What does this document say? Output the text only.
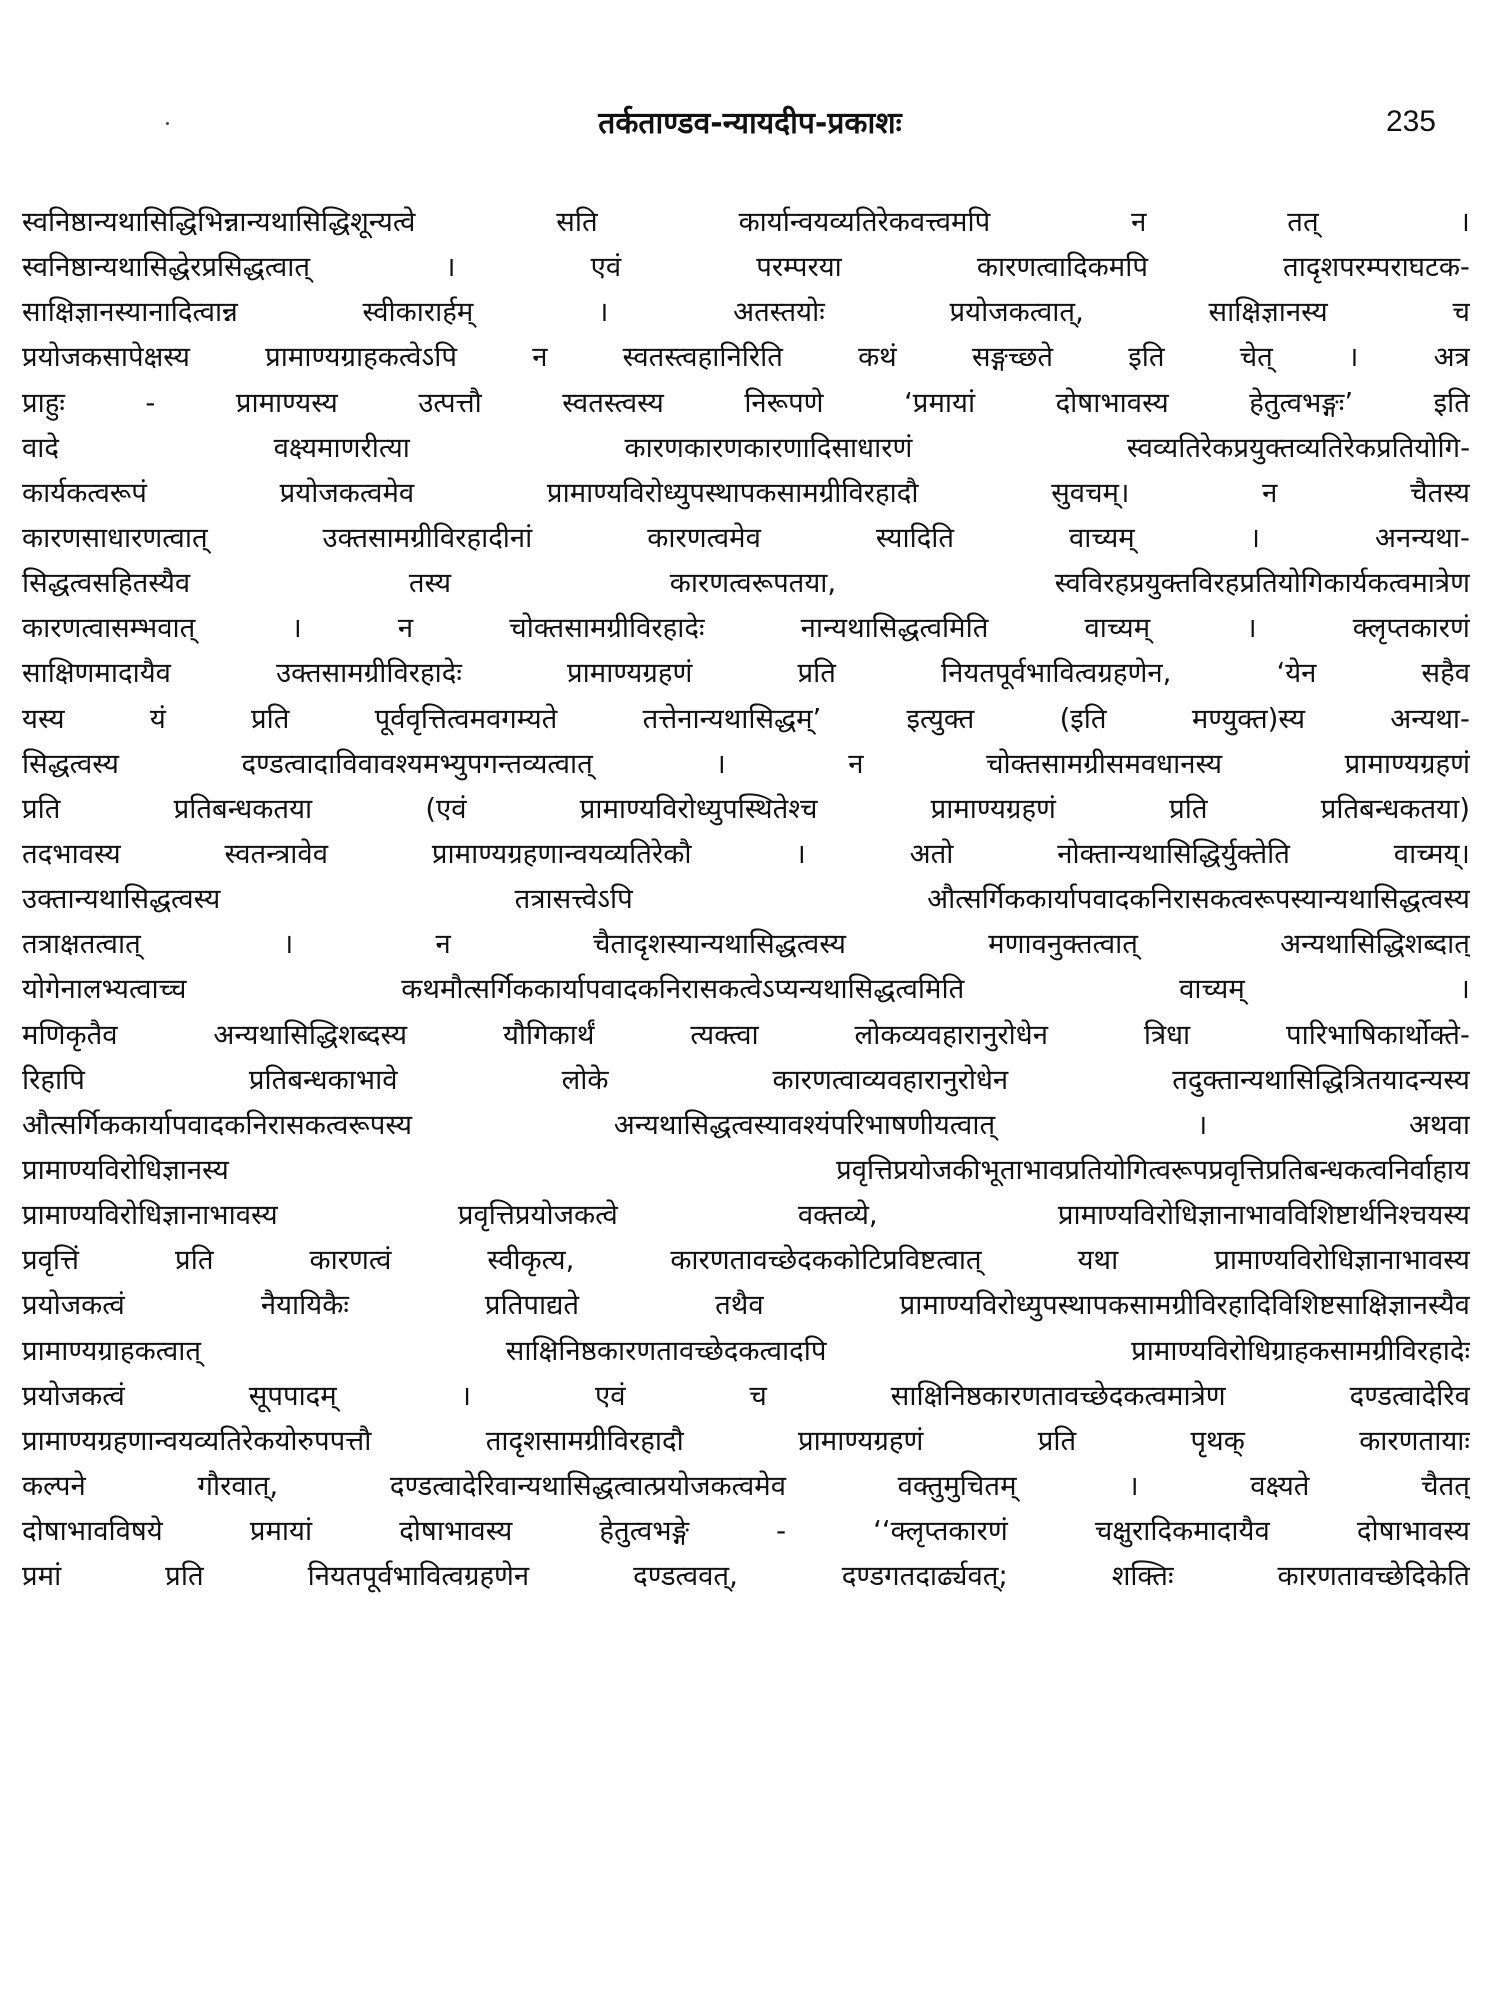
तर्कताण्डव-न्यायदीप-प्रकाशः	235
स्वनिष्ठान्यथासिद्धिभिन्नान्यथासिद्धिशून्यत्वे	सति	कार्यान्वयव्यतिरेकवत्त्वमपि	न	तत्	।
स्वनिष्ठान्यथासिद्धेरप्रसिद्धत्वात्	।	एवं	परम्परया	कारणत्वादिकमपि	तादृशपरम्पराघटक-
साक्षिज्ञानस्यानादित्वान्न	स्वीकारार्हम्	।	अतस्तयोः	प्रयोजकत्वात्,	साक्षिज्ञानस्य	च
प्रयोजकसापेक्षस्य	प्रामाण्यग्राहकत्वेऽपि	न	स्वतस्त्वहानिरिति	कथं	सङ्गच्छते	इति	चेत्	।	अत्र
प्राहुः	-	प्रामाण्यस्य	उत्पत्तौ	स्वतस्त्वस्य	निरूपणे	‘प्रमायां	दोषाभावस्य	हेतुत्वभङ्गः’	इति
वादे	वक्ष्यमाणरीत्या	कारणकारणकारणादिसाधारणं	स्वव्यतिरेकप्रयुक्तव्यतिरेकप्रतियोगि-
कार्यकत्वरूपं	प्रयोजकत्वमेव	प्रामाण्यविरोध्युपस्थापकसामग्रीविरहादौ	सुवचम्।	न	चैतस्य
कारणसाधारणत्वात्	उक्तसामग्रीविरहादीनां	कारणत्वमेव	स्यादिति	वाच्यम्	।	अनन्यथा-
सिद्धत्वसहितस्यैव	तस्य	कारणत्वरूपतया,	स्वविरहप्रयुक्तविरहप्रतियोगिकार्यकत्वमात्रेण
कारणत्वासम्भवात्	।	न	चोक्तसामग्रीविरहादेः	नान्यथासिद्धत्वमिति	वाच्यम्	।	क्लृप्तकारणं
साक्षिणमादायैव	उक्तसामग्रीविरहादेः	प्रामाण्यग्रहणं	प्रति	नियतपूर्वभावित्वग्रहणेन,	‘येन	सहैव
यस्य	यं	प्रति	पूर्ववृत्तित्वमवगम्यते	तत्तेनान्यथासिद्धम्’	इत्युक्त	(इति	मण्युक्त)स्य	अन्यथा-
सिद्धत्वस्य	दण्डत्वादाविवावश्यमभ्युपगन्तव्यत्वात्	।	न	चोक्तसामग्रीसमवधानस्य	प्रामाण्यग्रहणं
प्रति	प्रतिबन्धकतया	(एवं	प्रामाण्यविरोध्युपस्थितेश्च	प्रामाण्यग्रहणं	प्रति	प्रतिबन्धकतया)
तदभावस्य	स्वतन्त्रावेव	प्रामाण्यग्रहणान्वयव्यतिरेकौ	।	अतो	नोक्तान्यथासिद्धिर्युक्तेति	वाच्मय्।
उक्तान्यथासिद्धत्वस्य	तत्रासत्त्वेऽपि	औत्सर्गिककार्यापवादकनिरासकत्वरूपस्यान्यथासिद्धत्वस्य
तत्राक्षतत्वात्	।	न	चैतादृशस्यान्यथासिद्धत्वस्य	मणावनुक्तत्वात्	अन्यथासिद्धिशब्दात्
योगेनालभ्यत्वाच्च	कथमौत्सर्गिककार्यापवादकनिरासकत्वेऽप्यन्यथासिद्धत्वमिति	वाच्यम्	।
मणिकृतैव	अन्यथासिद्धिशब्दस्य	यौगिकार्थं	त्यक्त्वा	लोकव्यवहारानुरोधेन	त्रिधा	पारिभाषिकार्थोक्ते-
रिहापि	प्रतिबन्धकाभावे	लोके	कारणत्वाव्यवहारानुरोधेन	तदुक्तान्यथासिद्धित्रितयादन्यस्य
औत्सर्गिककार्यापवादकनिरासकत्वरूपस्य	अन्यथासिद्धत्वस्यावश्यंपरिभाषणीयत्वात्	।	अथवा
प्रामाण्यविरोधिज्ञानस्य	प्रवृत्तिप्रयोजकीभूताभावप्रतियोगित्वरूपप्रवृत्तिप्रतिबन्धकत्वनिर्वाहाय
प्रामाण्यविरोधिज्ञानाभावस्य	प्रवृत्तिप्रयोजकत्वे	वक्तव्ये,	प्रामाण्यविरोधिज्ञानाभावविशिष्टार्थनिश्चयस्य
प्रवृत्तिं	प्रति	कारणत्वं	स्वीकृत्य,	कारणतावच्छेदककोटिप्रविष्टत्वात्	यथा	प्रामाण्यविरोधिज्ञानाभावस्य
प्रयोजकत्वं	नैयायिकैः	प्रतिपाद्यते	तथैव	प्रामाण्यविरोध्युपस्थापकसामग्रीविरहादिविशिष्टसाक्षिज्ञानस्यैव
प्रामाण्यग्राहकत्वात्	साक्षिनिष्ठकारणतावच्छेदकत्वादपि	प्रामाण्यविरोधिग्राहकसामग्रीविरहादेः
प्रयोजकत्वं	सूपपादम्	।	एवं	च	साक्षिनिष्ठकारणतावच्छेदकत्वमात्रेण	दण्डत्वादेरिव
प्रामाण्यग्रहणान्वयव्यतिरेकयोरुपपत्तौ	तादृशसामग्रीविरहादौ	प्रामाण्यग्रहणं	प्रति	पृथक्	कारणतायाः
कल्पने	गौरवात्,	दण्डत्वादेरिवान्यथासिद्धत्वात्प्रयोजकत्वमेव	वक्तुमुचितम्	।	वक्ष्यते	चैतत्
दोषाभावविषये	प्रमायां	दोषाभावस्य	हेतुत्वभङ्गे	-	‘‘क्लृप्तकारणं	चक्षुरादिकमादायैव	दोषाभावस्य
प्रमां	प्रति	नियतपूर्वभावित्वग्रहणेन	दण्डत्ववत्,	दण्डगतदार्ढ्यवत्;	शक्तिः	कारणतावच्छेदिकेति
